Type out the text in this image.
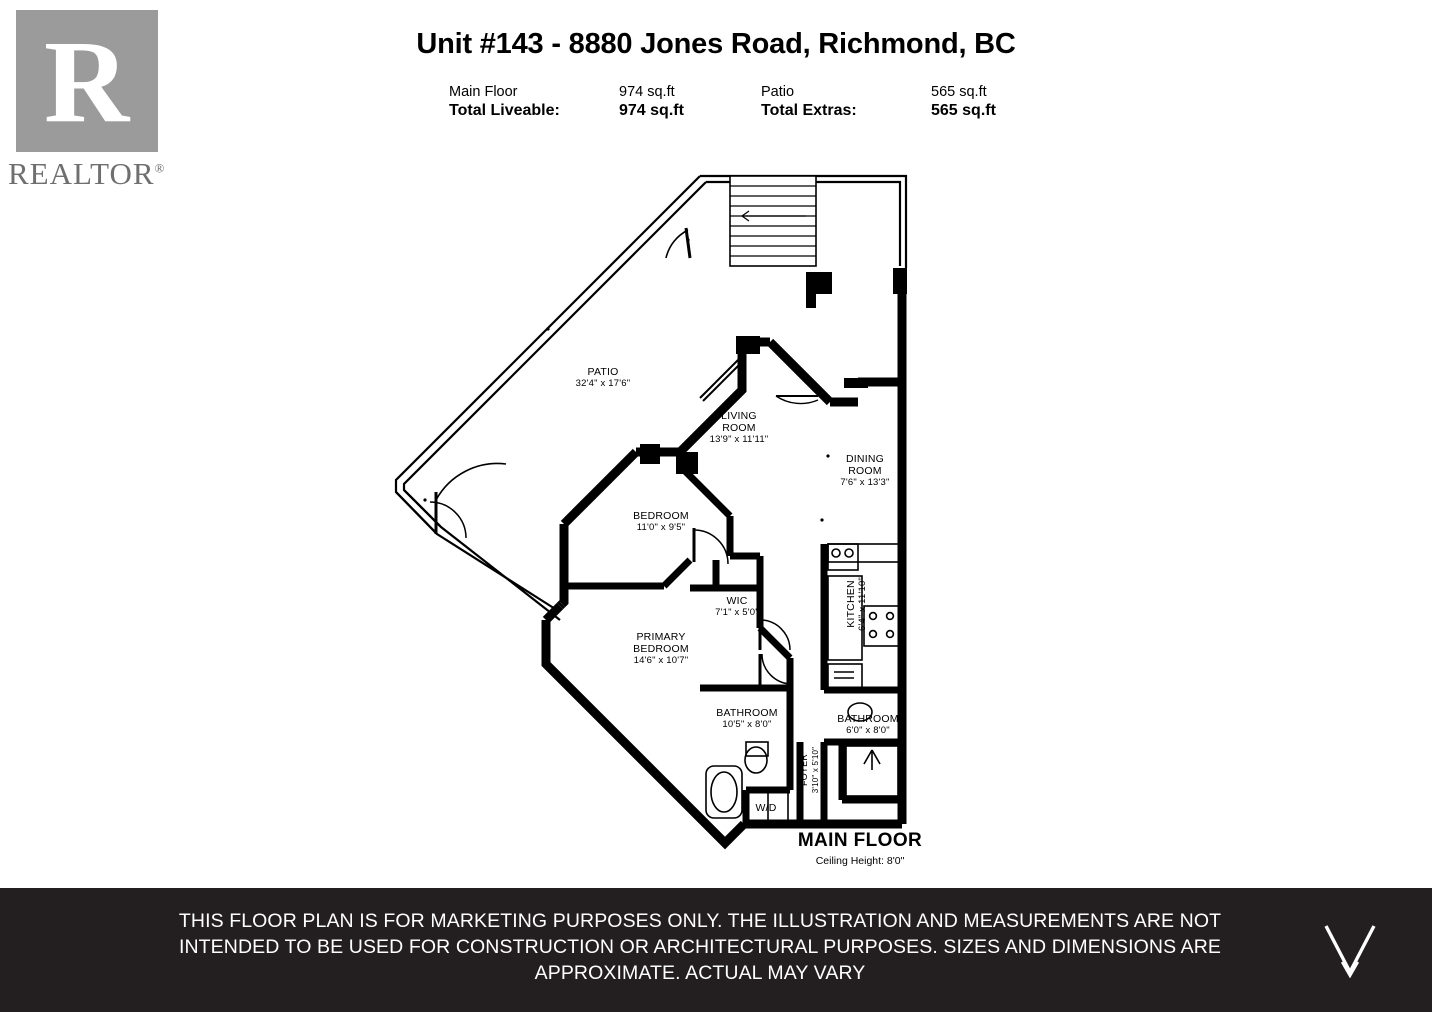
R
REALTOR®
Unit #143 - 8880 Jones Road, Richmond, BC
Main Floor	974 sq.ft	Patio	565 sq.ft
Total Liveable:	974 sq.ft	Total Extras:	565 sq.ft
PATIO
32'4" x 17'6"
LIVING
ROOM
13'9" x 11'11"
DINING
ROOM
7'6" x 13'3"
BEDROOM
11'0" x 9'5"
PRIMARY
BEDROOM
14'6" x 10'7"
WIC
7'1" x 5'0"	KITCHEN 6'4" x 11'10"
BATHROOM
10'5" x 8'0"	BATHROOM
6'0" x 8'0"
FOYER 3'10" x 5'10"
W/D
MAIN FLOOR
Ceiling Height: 8'0"
THIS FLOOR PLAN IS FOR MARKETING PURPOSES ONLY. THE ILLUSTRATION AND MEASUREMENTS ARE NOT
INTENDED TO BE USED FOR CONSTRUCTION OR ARCHITECTURAL PURPOSES. SIZES AND DIMENSIONS ARE
APPROXIMATE. ACTUAL MAY VARY
